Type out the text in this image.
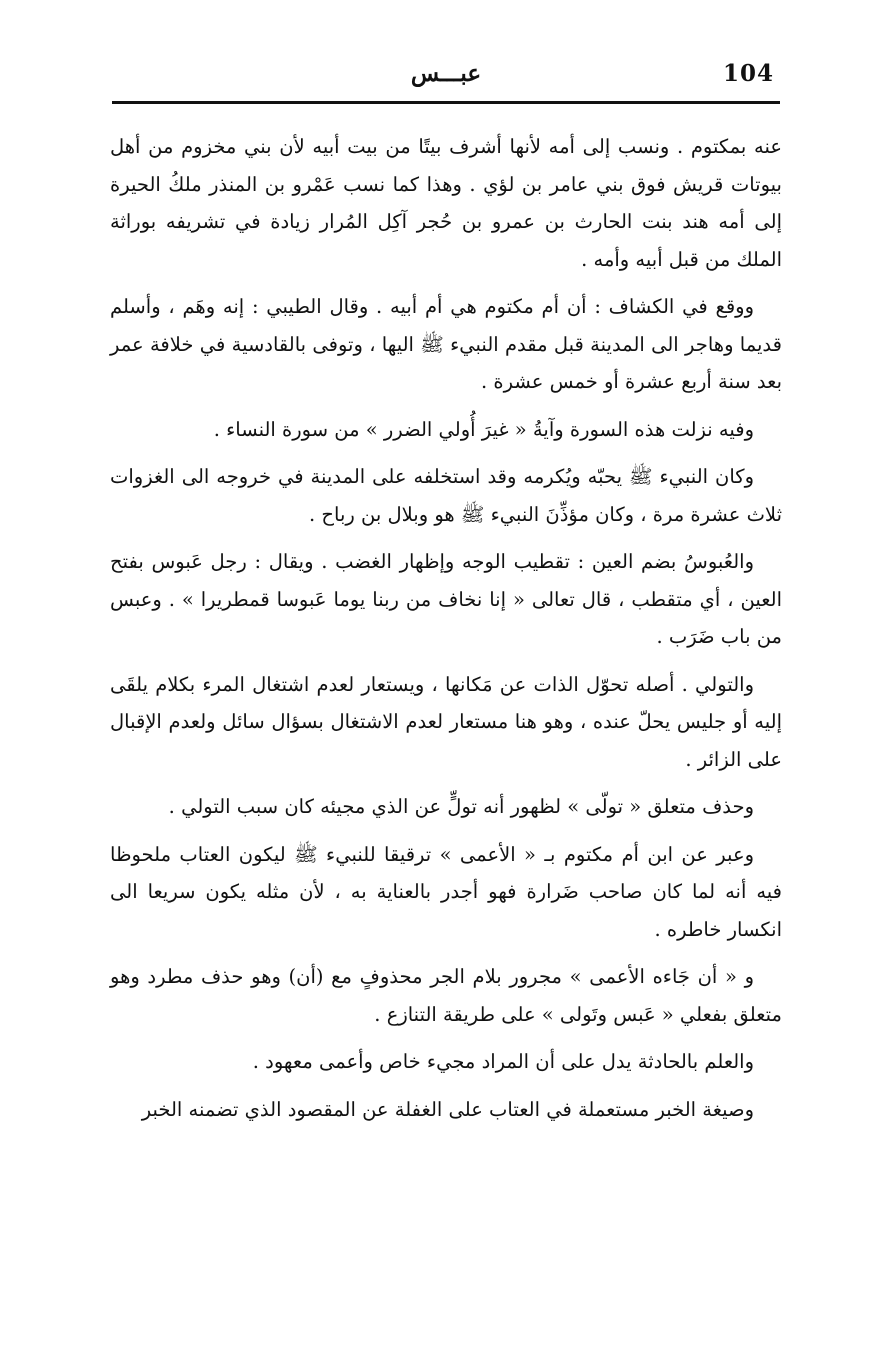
104
عبـــس

عنه بمكتوم . ونسب إلى أمه لأنها أشرف بيتًا من بيت أبيه لأن بني مخزوم من أهل بيوتات قريش فوق بني عامر بن لؤي . وهذا كما نسب عَمْرو بن المنذر ملكُ الحيرة إلى أمه هند بنت الحارث بن عمرو بن حُجر آكِل المُرار زيادة في تشريفه بوراثة الملك من قبل أبيه وأمه .

ووقع في الكشاف : أن أم مكتوم هي أم أبيه . وقال الطيبي : إنه وهَم ، وأسلم قديما وهاجر الى المدينة قبل مقدم النبيء ﷺ اليها ، وتوفى بالقادسية في خلافة عمر بعد سنة أربع عشرة أو خمس عشرة .

وفيه نزلت هذه السورة وآيةُ « غيرَ أُولي الضرر » من سورة النساء .

وكان النبيء ﷺ يحبّه ويُكرمه وقد استخلفه على المدينة في خروجه الى الغزوات ثلاث عشرة مرة ، وكان مؤذِّنَ النبيء ﷺ هو وبلال بن رباح .

والعُبوسُ بضم العين : تقطيب الوجه وإظهار الغضب . ويقال : رجل عَبوس بفتح العين ، أي متقطب ، قال تعالى « إنا نخاف من ربنا يوما عَبوسا قمطريرا » . وعبس من باب ضَرَب .

والتولي . أصله تحوّل الذات عن مَكانها ، ويستعار لعدم اشتغال المرء بكلام يلقَى إليه أو جليس يحلّ عنده ، وهو هنا مستعار لعدم الاشتغال بسؤال سائل ولعدم الإقبال على الزائر .

وحذف متعلق « تولّى » لظهور أنه تولٍّ عن الذي مجيئه كان سبب التولي .

وعبر عن ابن أم مكتوم بـ « الأعمى » ترقيقا للنبيء ﷺ ليكون العتاب ملحوظا فيه أنه لما كان صاحب ضَرارة فهو أجدر بالعناية به ، لأن مثله يكون سريعا الى انكسار خاطره .

و « أن جَاءه الأعمى » مجرور بلام الجر محذوفٍ مع (أن) وهو حذف مطرد وهو متعلق بفعلي « عَبس وتَولى » على طريقة التنازع .

والعلم بالحادثة يدل على أن المراد مجيء خاص وأعمى معهود .

وصيغة الخبر مستعملة في العتاب على الغفلة عن المقصود الذي تضمنه الخبر
